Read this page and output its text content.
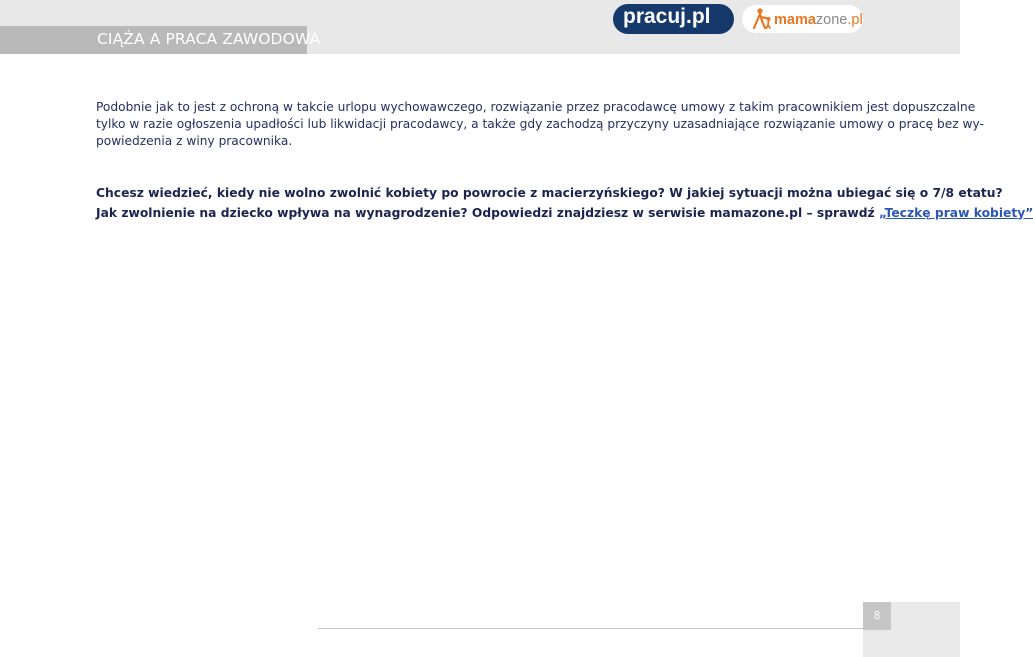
CIĄŻA A PRACA ZAWODOWA
pracuj.pl	mamazone.pl

Podobnie jak to jest z ochroną w takcie urlopu wychowawczego, rozwiązanie przez pracodawcę umowy z takim pracownikiem jest dopuszczalne
tylko w razie ogłoszenia upadłości lub likwidacji pracodawcy, a także gdy zachodzą przyczyny uzasadniające rozwiązanie umowy o pracę bez wy-
powiedzenia z winy pracownika.

Chcesz wiedzieć, kiedy nie wolno zwolnić kobiety po powrocie z macierzyńskiego? W jakiej sytuacji można ubiegać się o 7/8 etatu?
Jak zwolnienie na dziecko wpływa na wynagrodzenie? Odpowiedzi znajdziesz w serwisie mamazone.pl – sprawdź „Teczkę praw kobiety”

8
